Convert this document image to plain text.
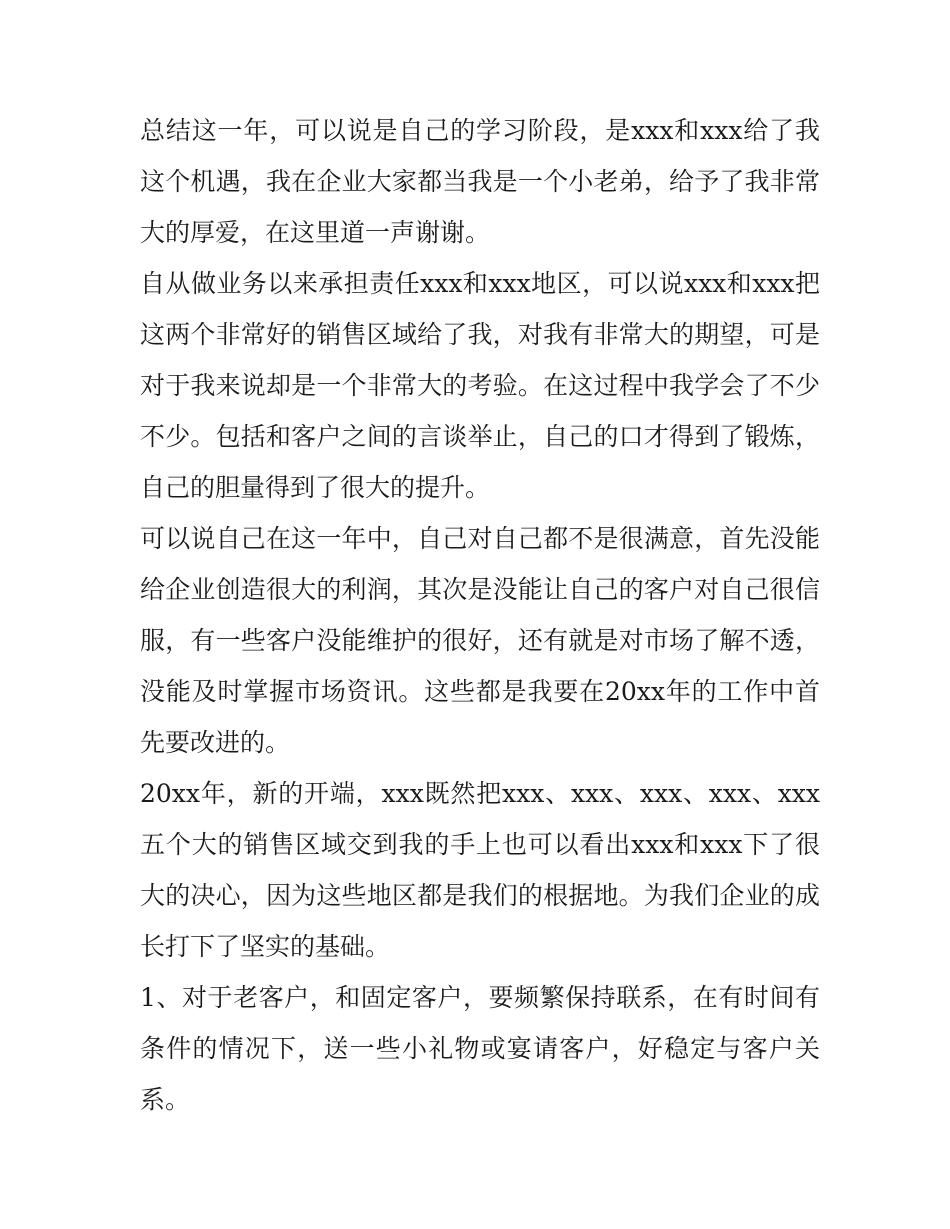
总结这一年，可以说是自己的学习阶段，是xxx和xxx给了我这个机遇，我在企业大家都当我是一个小老弟，给予了我非常大的厚爱，在这里道一声谢谢。

自从做业务以来承担责任xxx和xxx地区，可以说xxx和xxx把这两个非常好的销售区域给了我，对我有非常大的期望，可是对于我来说却是一个非常大的考验。在这过程中我学会了不少不少。包括和客户之间的言谈举止，自己的口才得到了锻炼，自己的胆量得到了很大的提升。

可以说自己在这一年中，自己对自己都不是很满意，首先没能给企业创造很大的利润，其次是没能让自己的客户对自己很信服，有一些客户没能维护的很好，还有就是对市场了解不透，没能及时掌握市场资讯。这些都是我要在20xx年的工作中首先要改进的。

20xx年，新的开端，xxx既然把xxx、xxx、xxx、xxx、xxx五个大的销售区域交到我的手上也可以看出xxx和xxx下了很大的决心，因为这些地区都是我们的根据地。为我们企业的成长打下了坚实的基础。

1、对于老客户，和固定客户，要频繁保持联系，在有时间有条件的情况下，送一些小礼物或宴请客户，好稳定与客户关系。
